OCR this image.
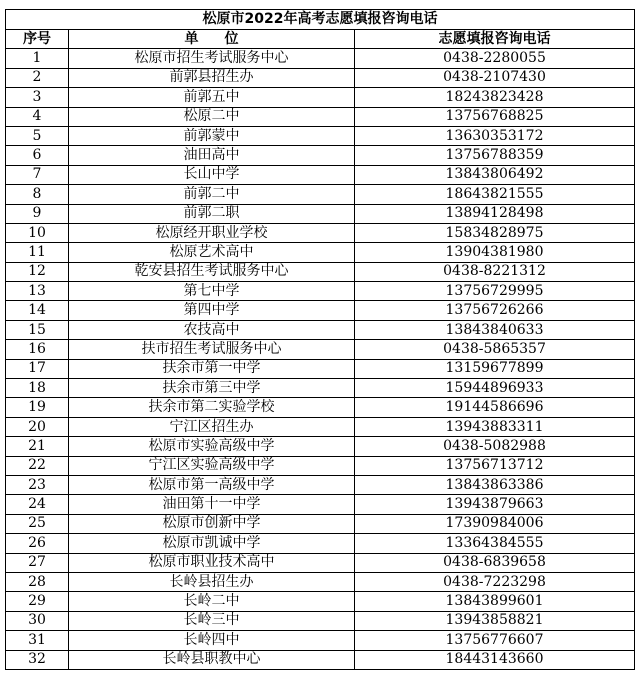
松原市2022年高考志愿填报咨询电话		
序号	单位	志愿填报咨询电话
1	松原市招生考试服务中心	0438-2280055
2	前郭县招生办	0438-2107430
3	前郭五中	18243823428
4	松原二中	13756768825
5	前郭蒙中	13630353172
6	油田高中	13756788359
7	长山中学	13843806492
8	前郭二中	18643821555
9	前郭二职	13894128498
10	松原经开职业学校	15834828975
11	松原艺术高中	13904381980
12	乾安县招生考试服务中心	0438-8221312
13	第七中学	13756729995
14	第四中学	13756726266
15	农技高中	13843840633
16	扶市招生考试服务中心	0438-5865357
17	扶余市第一中学	13159677899
18	扶余市第三中学	15944896933
19	扶余市第二实验学校	19144586696
20	宁江区招生办	13943883311
21	松原市实验高级中学	0438-5082988
22	宁江区实验高级中学	13756713712
23	松原市第一高级中学	13843863386
24	油田第十一中学	13943879663
25	松原市创新中学	17390984006
26	松原市凯诚中学	13364384555
27	松原市职业技术高中	0438-6839658
28	长岭县招生办	0438-7223298
29	长岭二中	13843899601
30	长岭三中	13943858821
31	长岭四中	13756776607
32	长岭县职教中心	18443143660
